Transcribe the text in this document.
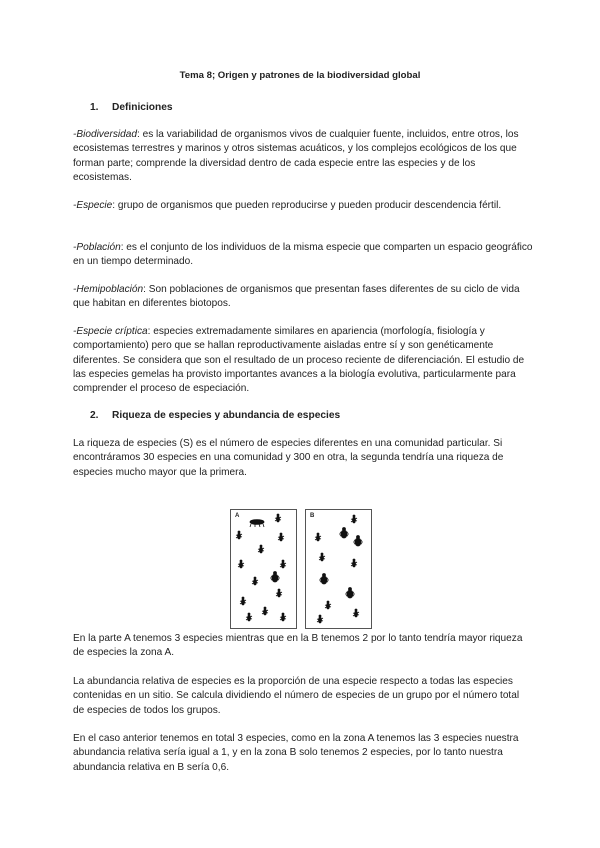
Tema 8; Origen y patrones de la biodiversidad global
1. Definiciones
-Biodiversidad: es la variabilidad de organismos vivos de cualquier fuente, incluidos, entre otros, los ecosistemas terrestres y marinos y otros sistemas acuáticos, y los complejos ecológicos de los que forman parte; comprende la diversidad dentro de cada especie entre las especies y de los ecosistemas.
-Especie: grupo de organismos que pueden reproducirse y pueden producir descendencia fértil.
-Población: es el conjunto de los individuos de la misma especie que comparten un espacio geográfico en un tiempo determinado.
-Hemipoblación: Son poblaciones de organismos que presentan fases diferentes de su ciclo de vida que habitan en diferentes biotopos.
-Especie críptica: especies extremadamente similares en apariencia (morfología, fisiología y comportamiento) pero que se hallan reproductivamente aisladas entre sí y son genéticamente diferentes. Se considera que son el resultado de un proceso reciente de diferenciación. El estudio de las especies gemelas ha provisto importantes avances a la biología evolutiva, particularmente para comprender el proceso de especiación.
2. Riqueza de especies y abundancia de especies
La riqueza de especies (S) es el número de especies diferentes en una comunidad particular. Si encontráramos 30 especies en una comunidad y 300 en otra, la segunda tendría una riqueza de especies mucho mayor que la primera.
A	B
En la parte A tenemos 3 especies mientras que en la B tenemos 2 por lo tanto tendría mayor riqueza de especies la zona A.
La abundancia relativa de especies es la proporción de una especie respecto a todas las especies contenidas en un sitio. Se calcula dividiendo el número de especies de un grupo por el número total de especies de todos los grupos.
En el caso anterior tenemos en total 3 especies, como en la zona A tenemos las 3 especies nuestra abundancia relativa sería igual a 1, y en la zona B solo tenemos 2 especies, por lo tanto nuestra abundancia relativa en B sería 0,6.
